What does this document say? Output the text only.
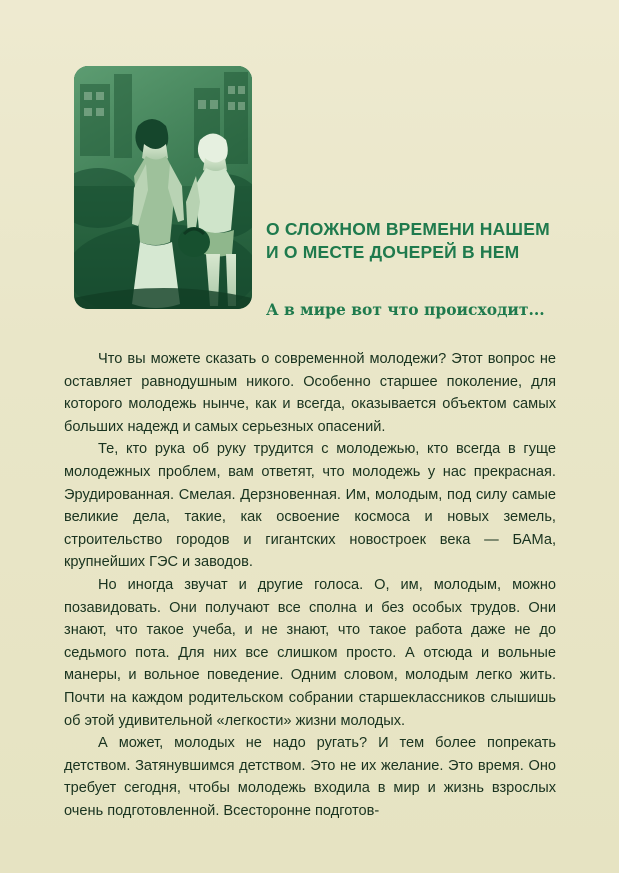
О СЛОЖНОМ ВРЕМЕНИ НАШЕМ
И О МЕСТЕ ДОЧЕРЕЙ В НЕМ
А в мире вот что происходит...

Что вы можете сказать о современной молодежи? Этот вопрос не оставляет равнодушным никого. Особенно старшее поколение, для которого молодежь нынче, как и всегда, оказывается объектом самых больших надежд и самых серьезных опасений.

Те, кто рука об руку трудится с молодежью, кто всегда в гуще молодежных проблем, вам ответят, что молодежь у нас прекрасная. Эрудированная. Смелая. Дерзновенная. Им, молодым, под силу самые великие дела, такие, как освоение космоса и новых земель, строительство городов и гигантских новостроек века — БАМа, крупнейших ГЭС и заводов.

Но иногда звучат и другие голоса. О, им, молодым, можно позавидовать. Они получают все сполна и без особых трудов. Они знают, что такое учеба, и не знают, что такое работа даже не до седьмого пота. Для них все слишком просто. А отсюда и вольные манеры, и вольное поведение. Одним словом, молодым легко жить. Почти на каждом родительском собрании старшеклассников слышишь об этой удивительной «легкости» жизни молодых.

А может, молодых не надо ругать? И тем более попрекать детством. Затянувшимся детством. Это не их желание. Это время. Оно требует сегодня, чтобы молодежь входила в мир и жизнь взрослых очень подготовленной. Всесторонне подготов-
